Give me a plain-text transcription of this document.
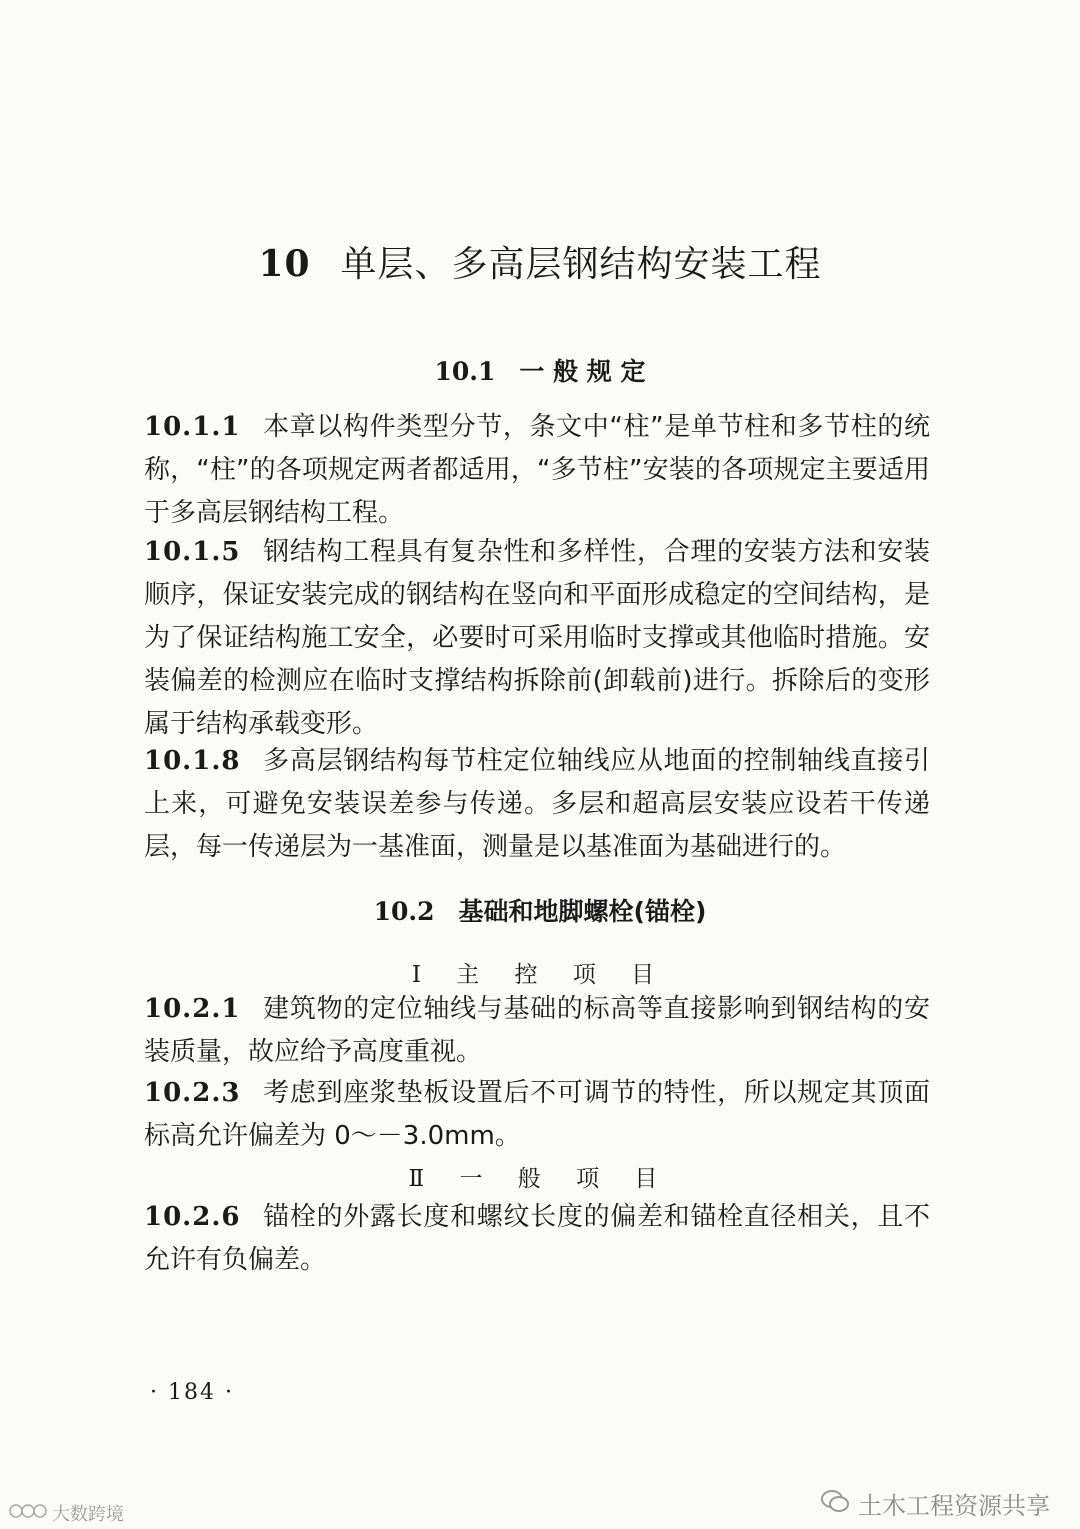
10 单层、多高层钢结构安装工程
10.1 一 般 规 定
10.1.1 本章以构件类型分节，条文中“柱”是单节柱和多节柱的统称，“柱”的各项规定两者都适用，“多节柱”安装的各项规定主要适用于多高层钢结构工程。
10.1.5 钢结构工程具有复杂性和多样性，合理的安装方法和安装顺序，保证安装完成的钢结构在竖向和平面形成稳定的空间结构，是为了保证结构施工安全，必要时可采用临时支撑或其他临时措施。安装偏差的检测应在临时支撑结构拆除前(卸载前)进行。拆除后的变形属于结构承载变形。
10.1.8 多高层钢结构每节柱定位轴线应从地面的控制轴线直接引上来，可避免安装误差参与传递。多层和超高层安装应设若干传递层，每一传递层为一基准面，测量是以基准面为基础进行的。
10.2 基础和地脚螺栓(锚栓)
Ⅰ 主 控 项 目
10.2.1 建筑物的定位轴线与基础的标高等直接影响到钢结构的安装质量，故应给予高度重视。
10.2.3 考虑到座浆垫板设置后不可调节的特性，所以规定其顶面标高允许偏差为 0～－3.0mm。
Ⅱ 一 般 项 目
10.2.6 锚栓的外露长度和螺纹长度的偏差和锚栓直径相关，且不允许有负偏差。
· 184 ·
土木工程资源共享
大数跨境
